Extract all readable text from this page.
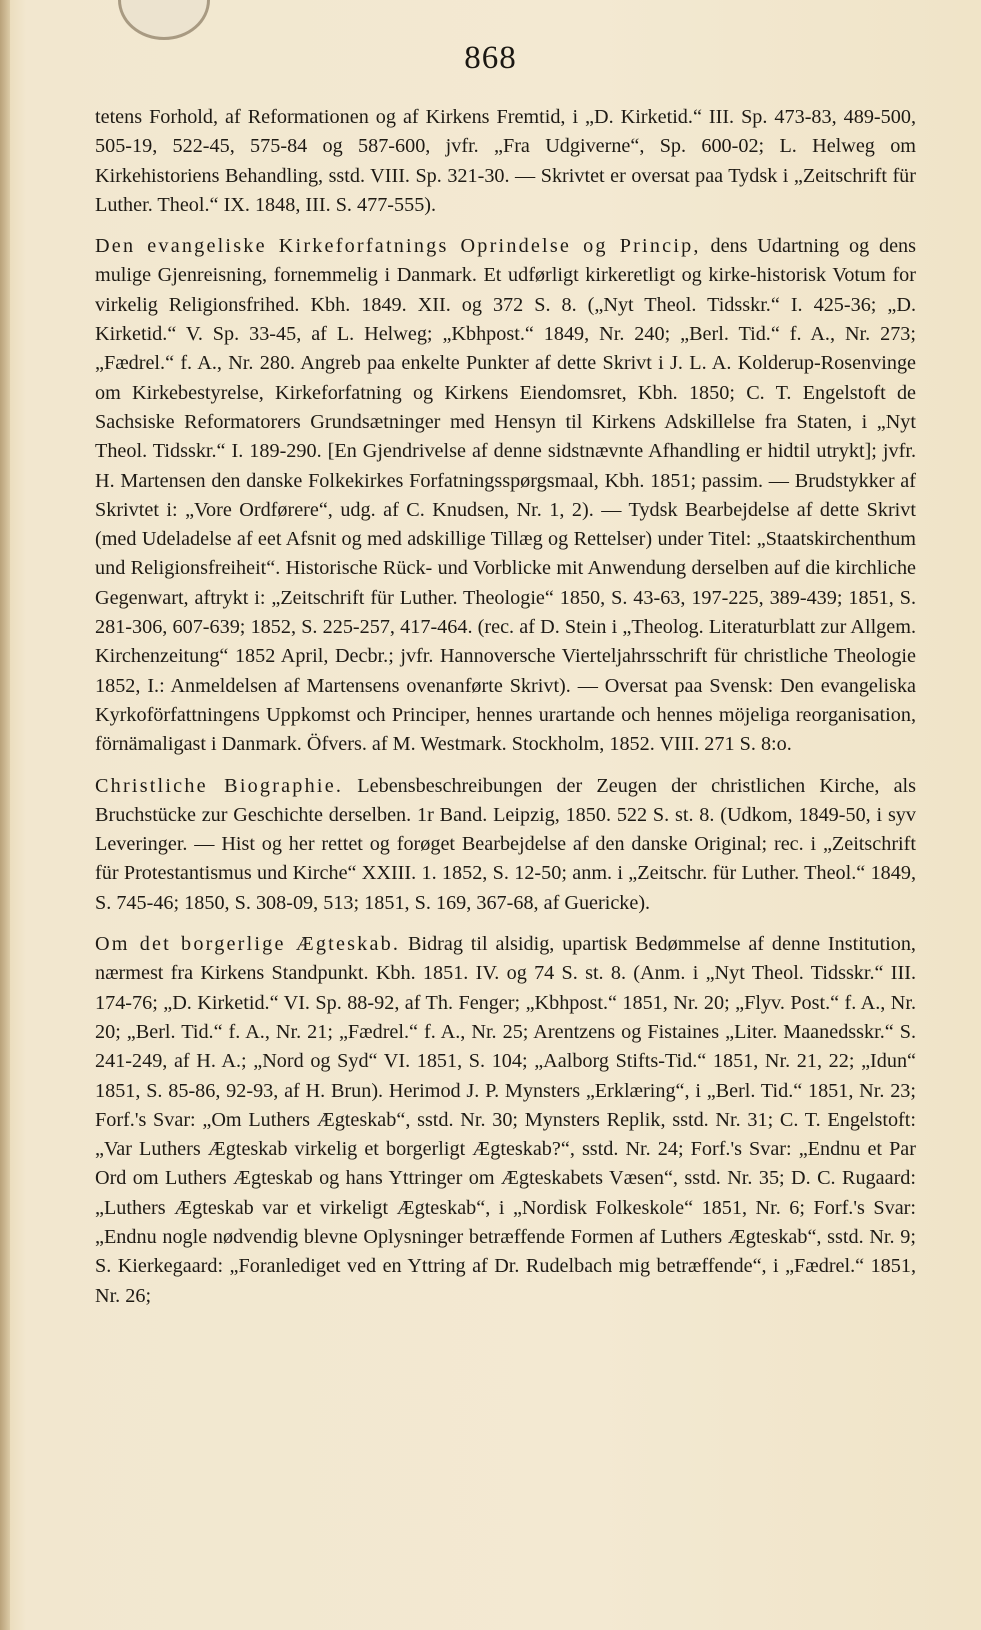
868

tetens Forhold, af Reformationen og af Kirkens Fremtid, i „D. Kirketid.“ III. Sp. 473-83, 489-500, 505-19, 522-45, 575-84 og 587-600, jvfr. „Fra Udgiverne“, Sp. 600-02; L. Helweg om Kirkehistoriens Behandling, sstd. VIII. Sp. 321-30. — Skrivtet er oversat paa Tydsk i „Zeitschrift für Luther. Theol.“ IX. 1848, III. S. 477-555).

Den evangeliske Kirkeforfatnings Oprindelse og Princip, dens Udartning og dens mulige Gjenreisning, fornemmelig i Danmark. Et udførligt kirkeretligt og kirke-historisk Votum for virkelig Religionsfrihed. Kbh. 1849. XII. og 372 S. 8. („Nyt Theol. Tidsskr.“ I. 425-36; „D. Kirketid.“ V. Sp. 33-45, af L. Helweg; „Kbhpost.“ 1849, Nr. 240; „Berl. Tid.“ f. A., Nr. 273; „Fædrel.“ f. A., Nr. 280. Angreb paa enkelte Punkter af dette Skrivt i J. L. A. Kolderup-Rosenvinge om Kirkebestyrelse, Kirkeforfatning og Kirkens Eiendomsret, Kbh. 1850; C. T. Engelstoft de Sachsiske Reformatorers Grundsætninger med Hensyn til Kirkens Adskillelse fra Staten, i „Nyt Theol. Tidsskr.“ I. 189-290. [En Gjendrivelse af denne sidstnævnte Afhandling er hidtil utrykt]; jvfr. H. Martensen den danske Folkekirkes Forfatningsspørgsmaal, Kbh. 1851; passim. — Brudstykker af Skrivtet i: „Vore Ordførere“, udg. af C. Knudsen, Nr. 1, 2). — Tydsk Bearbejdelse af dette Skrivt (med Udeladelse af eet Afsnit og med adskillige Tillæg og Rettelser) under Titel: „Staatskirchenthum und Religionsfreiheit“. Historische Rück- und Vorblicke mit Anwendung derselben auf die kirchliche Gegenwart, aftrykt i: „Zeitschrift für Luther. Theologie“ 1850, S. 43-63, 197-225, 389-439; 1851, S. 281-306, 607-639; 1852, S. 225-257, 417-464. (rec. af D. Stein i „Theolog. Literaturblatt zur Allgem. Kirchenzeitung“ 1852 April, Decbr.; jvfr. Hannoversche Vierteljahrsschrift für christliche Theologie 1852, I.: Anmeldelsen af Martensens ovenanførte Skrivt). — Oversat paa Svensk: Den evangeliska Kyrkoförfattningens Uppkomst och Principer, hennes urartande och hennes möjeliga reorganisation, förnämaligast i Danmark. Öfvers. af M. Westmark. Stockholm, 1852. VIII. 271 S. 8:o.

Christliche Biographie. Lebensbeschreibungen der Zeugen der christlichen Kirche, als Bruchstücke zur Geschichte derselben. 1r Band. Leipzig, 1850. 522 S. st. 8. (Udkom, 1849-50, i syv Leveringer. — Hist og her rettet og forøget Bearbejdelse af den danske Original; rec. i „Zeitschrift für Protestantismus und Kirche“ XXIII. 1. 1852, S. 12-50; anm. i „Zeitschr. für Luther. Theol.“ 1849, S. 745-46; 1850, S. 308-09, 513; 1851, S. 169, 367-68, af Guericke).

Om det borgerlige Ægteskab. Bidrag til alsidig, upartisk Bedømmelse af denne Institution, nærmest fra Kirkens Standpunkt. Kbh. 1851. IV. og 74 S. st. 8. (Anm. i „Nyt Theol. Tidsskr.“ III. 174-76; „D. Kirketid.“ VI. Sp. 88-92, af Th. Fenger; „Kbhpost.“ 1851, Nr. 20; „Flyv. Post.“ f. A., Nr. 20; „Berl. Tid.“ f. A., Nr. 21; „Fædrel.“ f. A., Nr. 25; Arentzens og Fistaines „Liter. Maanedsskr.“ S. 241-249, af H. A.; „Nord og Syd“ VI. 1851, S. 104; „Aalborg Stifts-Tid.“ 1851, Nr. 21, 22; „Idun“ 1851, S. 85-86, 92-93, af H. Brun). Herimod J. P. Mynsters „Erklæring“, i „Berl. Tid.“ 1851, Nr. 23; Forf.'s Svar: „Om Luthers Ægteskab“, sstd. Nr. 30; Mynsters Replik, sstd. Nr. 31; C. T. Engelstoft: „Var Luthers Ægteskab virkelig et borgerligt Ægteskab?“, sstd. Nr. 24; Forf.'s Svar: „Endnu et Par Ord om Luthers Ægteskab og hans Yttringer om Ægteskabets Væsen“, sstd. Nr. 35; D. C. Rugaard: „Luthers Ægteskab var et virkeligt Ægteskab“, i „Nordisk Folkeskole“ 1851, Nr. 6; Forf.'s Svar: „Endnu nogle nødvendig blevne Oplysninger betræffende Formen af Luthers Ægteskab“, sstd. Nr. 9; S. Kierkegaard: „Foranlediget ved en Yttring af Dr. Rudelbach mig betræffende“, i „Fædrel.“ 1851, Nr. 26;
